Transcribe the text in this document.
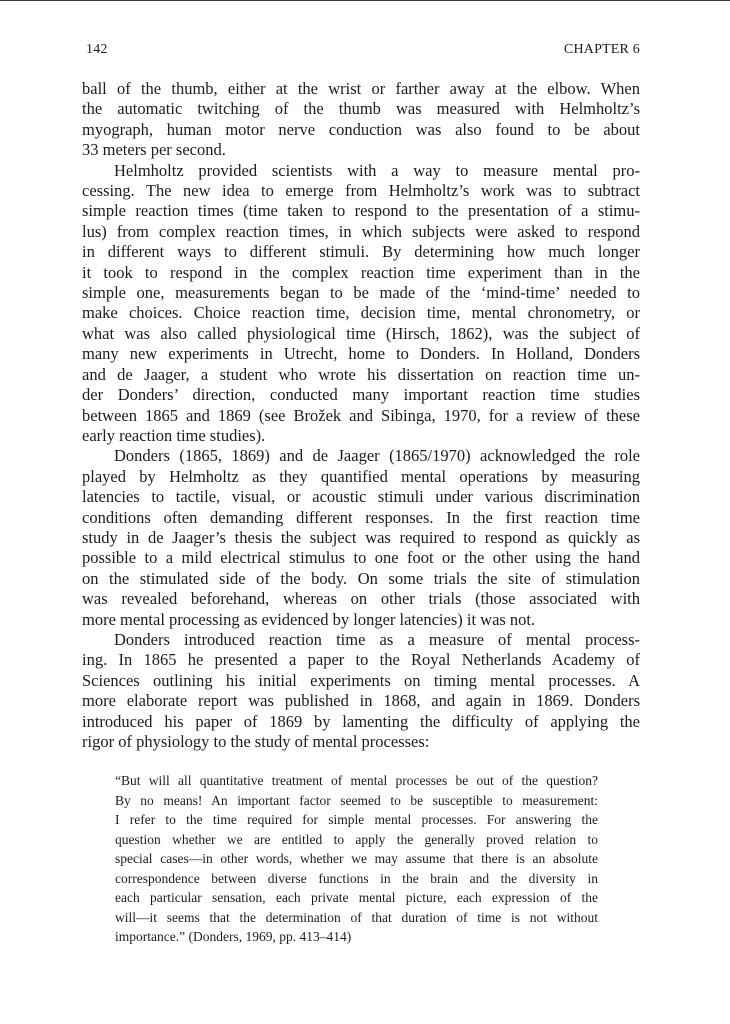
142	CHAPTER 6
ball of the thumb, either at the wrist or farther away at the elbow. When
the automatic twitching of the thumb was measured with Helmholtz’s
myograph, human motor nerve conduction was also found to be about
33 meters per second.
Helmholtz provided scientists with a way to measure mental pro-
cessing. The new idea to emerge from Helmholtz’s work was to subtract
simple reaction times (time taken to respond to the presentation of a stimu-
lus) from complex reaction times, in which subjects were asked to respond
in different ways to different stimuli. By determining how much longer
it took to respond in the complex reaction time experiment than in the
simple one, measurements began to be made of the ‘mind-time’ needed to
make choices. Choice reaction time, decision time, mental chronometry, or
what was also called physiological time (Hirsch, 1862), was the subject of
many new experiments in Utrecht, home to Donders. In Holland, Donders
and de Jaager, a student who wrote his dissertation on reaction time un-
der Donders’ direction, conducted many important reaction time studies
between 1865 and 1869 (see Brožek and Sibinga, 1970, for a review of these
early reaction time studies).
Donders (1865, 1869) and de Jaager (1865/1970) acknowledged the role
played by Helmholtz as they quantified mental operations by measuring
latencies to tactile, visual, or acoustic stimuli under various discrimination
conditions often demanding different responses. In the first reaction time
study in de Jaager’s thesis the subject was required to respond as quickly as
possible to a mild electrical stimulus to one foot or the other using the hand
on the stimulated side of the body. On some trials the site of stimulation
was revealed beforehand, whereas on other trials (those associated with
more mental processing as evidenced by longer latencies) it was not.
Donders introduced reaction time as a measure of mental process-
ing. In 1865 he presented a paper to the Royal Netherlands Academy of
Sciences outlining his initial experiments on timing mental processes. A
more elaborate report was published in 1868, and again in 1869. Donders
introduced his paper of 1869 by lamenting the difficulty of applying the
rigor of physiology to the study of mental processes:
“But will all quantitative treatment of mental processes be out of the question?
By no means! An important factor seemed to be susceptible to measurement:
I refer to the time required for simple mental processes. For answering the
question whether we are entitled to apply the generally proved relation to
special cases—in other words, whether we may assume that there is an absolute
correspondence between diverse functions in the brain and the diversity in
each particular sensation, each private mental picture, each expression of the
will—it seems that the determination of that duration of time is not without
importance.” (Donders, 1969, pp. 413–414)
